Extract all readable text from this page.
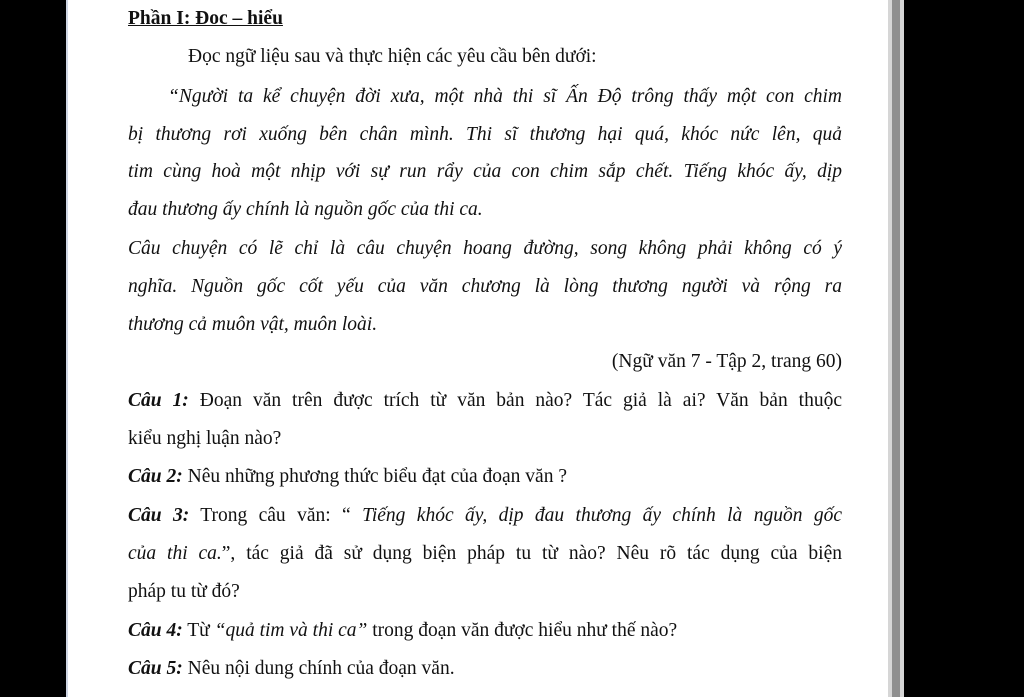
Phần I: Đoc – hiểu
Đọc ngữ liệu sau và thực hiện các yêu cầu bên dưới:
“Người ta kể chuyện đời xưa, một nhà thi sĩ Ấn Độ trông thấy một con chim
bị thương rơi xuống bên chân mình. Thi sĩ thương hại quá, khóc nức lên, quả
tim cùng hoà một nhịp với sự run rẩy của con chim sắp chết. Tiếng khóc ấy, dịp
đau thương ấy chính là nguồn gốc của thi ca.
Câu chuyện có lẽ chỉ là câu chuyện hoang đường, song không phải không có ý
nghĩa. Nguồn gốc cốt yếu của văn chương là lòng thương người và rộng ra
thương cả muôn vật, muôn loài.
(Ngữ văn 7 - Tập 2, trang 60)
Câu 1: Đoạn văn trên được trích từ văn bản nào? Tác giả là ai? Văn bản thuộc
kiểu nghị luận nào?
Câu 2: Nêu những phương thức biểu đạt của đoạn văn ?
Câu 3: Trong câu văn: “ Tiếng khóc ấy, dịp đau thương ấy chính là nguồn gốc
của thi ca.”, tác giả đã sử dụng biện pháp tu từ nào? Nêu rõ tác dụng của biện
pháp tu từ đó?
Câu 4: Từ “quả tim và thi ca” trong đoạn văn được hiểu như thế nào?
Câu 5: Nêu nội dung chính của đoạn văn.
